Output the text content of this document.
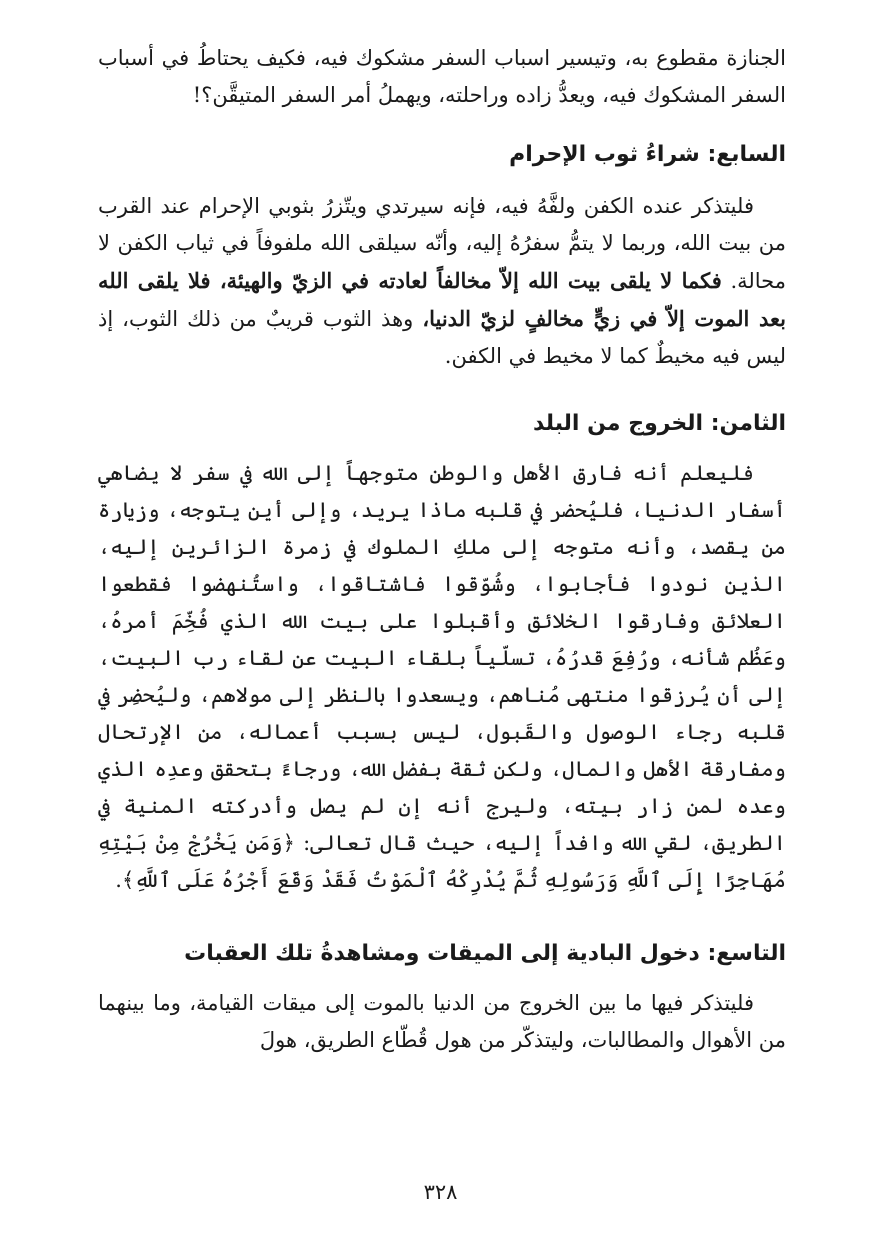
الجنازة مقطوع به، وتيسير اسباب السفر مشكوك فيه، فكيف يحتاطُ في أسباب السفر المشكوك فيه، ويعدُّ زاده وراحلته، ويهملُ أمر السفر المتيقَّن؟!

السابع: شراءُ ثوب الإحرام

فليتذكر عنده الكفن ولفَّهُ فيه، فإنه سيرتدي ويتّزرُ بثوبي الإحرام عند القرب من بيت الله، وربما لا يتمُّ سفرُهُ إليه، وأنّه سيلقى الله ملفوفاً في ثياب الكفن لا محالة. فكما لا يلقى بيت الله إلاّ مخالفاً لعادته في الزيّ والهيئة، فلا يلقى الله بعد الموت إلاّ في زيٍّ مخالفٍ لزيّ الدنيا، وهذ الثوب قريبٌ من ذلك الثوب، إذ ليس فيه مخيطٌ كما لا مخيط في الكفن.

الثامن: الخروج من البلد

فليعلم أنه فارق الأهل والوطن متوجهاً إلى الله في سفر لا يضاهي أسفار الدنيا، فليُحضر في قلبه ماذا يريد، وإلى أين يتوجه، وزيارة من يقصد، وأنه متوجه إلى ملكِ الملوك في زمرة الزائرين إليه، الذين نودوا فأجابوا، وشُوّقوا فاشتاقوا، واستُنهضوا فقطعوا العلائق وفارقوا الخلائق وأقبلوا على بيت الله الذي فُخِّمَ أمرهُ، وعَظُم شأنه، ورُفِعَ قدرُهُ، تسلّياً بلقاء البيت عن لقاء رب البيت، إلى أن يُرزقوا منتهى مُناهم، ويسعدوا بالنظر إلى مولاهم، وليُحضِر في قلبه رجاء الوصول والقَبول، ليس بسبب أعماله، من الإرتحال ومفارقة الأهل والمال، ولكن ثقة بفضل الله، ورجاءً بتحقق وعدِه الذي وعده لمن زار بيته، وليرج أنه إن لم يصل وأدركته المنية في الطريق، لقي الله وافداً إليه، حيث قال تعالى: ﴿وَمَن يَخْرُجْ مِنْ بَيْتِهِ مُهَاجِرًا إِلَى ٱللَّهِ وَرَسُولِهِ ثُمَّ يُدْرِكْهُ ٱلْمَوْتُ فَقَدْ وَقَعَ أَجْرُهُ عَلَى ٱللَّهِ﴾.

التاسع: دخول البادية إلى الميقات ومشاهدةُ تلك العقبات

فليتذكر فيها ما بين الخروج من الدنيا بالموت إلى ميقات القيامة، وما بينهما من الأهوال والمطالبات، وليتذكّر من هول قُطّاع الطريق، هولَ

٣٢٨
